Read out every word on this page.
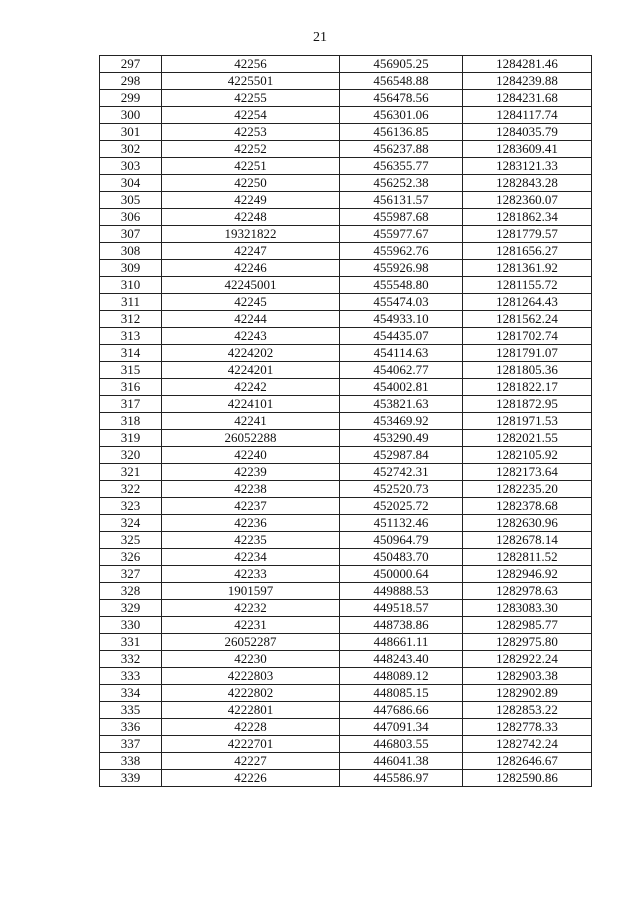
21
297	42256	456905.25	1284281.46
298	4225501	456548.88	1284239.88
299	42255	456478.56	1284231.68
300	42254	456301.06	1284117.74
301	42253	456136.85	1284035.79
302	42252	456237.88	1283609.41
303	42251	456355.77	1283121.33
304	42250	456252.38	1282843.28
305	42249	456131.57	1282360.07
306	42248	455987.68	1281862.34
307	19321822	455977.67	1281779.57
308	42247	455962.76	1281656.27
309	42246	455926.98	1281361.92
310	42245001	455548.80	1281155.72
311	42245	455474.03	1281264.43
312	42244	454933.10	1281562.24
313	42243	454435.07	1281702.74
314	4224202	454114.63	1281791.07
315	4224201	454062.77	1281805.36
316	42242	454002.81	1281822.17
317	4224101	453821.63	1281872.95
318	42241	453469.92	1281971.53
319	26052288	453290.49	1282021.55
320	42240	452987.84	1282105.92
321	42239	452742.31	1282173.64
322	42238	452520.73	1282235.20
323	42237	452025.72	1282378.68
324	42236	451132.46	1282630.96
325	42235	450964.79	1282678.14
326	42234	450483.70	1282811.52
327	42233	450000.64	1282946.92
328	1901597	449888.53	1282978.63
329	42232	449518.57	1283083.30
330	42231	448738.86	1282985.77
331	26052287	448661.11	1282975.80
332	42230	448243.40	1282922.24
333	4222803	448089.12	1282903.38
334	4222802	448085.15	1282902.89
335	4222801	447686.66	1282853.22
336	42228	447091.34	1282778.33
337	4222701	446803.55	1282742.24
338	42227	446041.38	1282646.67
339	42226	445586.97	1282590.86
